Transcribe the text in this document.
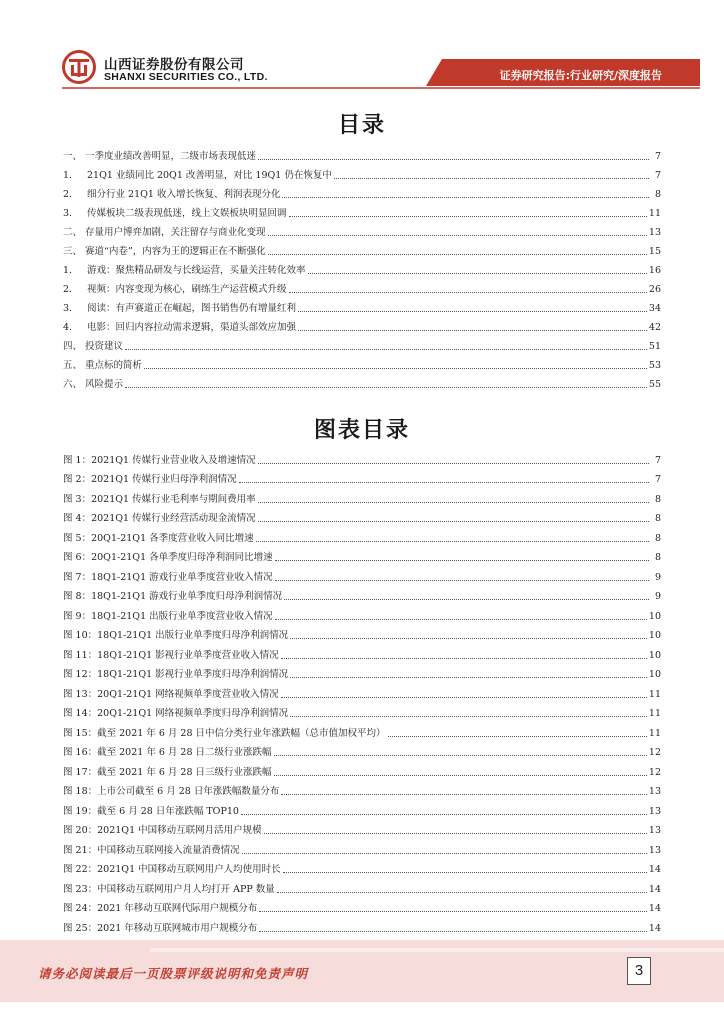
山西证券股份有限公司
SHANXI SECURITIES CO., LTD.	证券研究报告:行业研究/深度报告
目录
一、 一季度业绩改善明显，二级市场表现低迷	7
1.	21Q1 业绩同比 20Q1 改善明显，对比 19Q1 仍在恢复中	7
2.	细分行业 21Q1 收入增长恢复、利润表现分化	8
3.	传媒板块二级表现低迷，线上文娱板块明显回调	11
二、 存量用户博弈加剧，关注留存与商业化变现	13
三、 赛道“内卷”，内容为王的逻辑正在不断强化	15
1.	游戏：聚焦精品研发与长线运营，买量关注转化效率	16
2.	视频：内容变现为核心，刷练生产运营模式升级	26
3.	阅读：有声赛道正在崛起，图书销售仍有增量红利	34
4.	电影：回归内容拉动需求逻辑，渠道头部效应加强	42
四、 投资建议	51
五、 重点标的简析	53
六、 风险提示	55
图表目录
图 1： 2021Q1 传媒行业营业收入及增速情况	7
图 2： 2021Q1 传媒行业归母净利润情况	7
图 3： 2021Q1 传媒行业毛利率与期间费用率	8
图 4： 2021Q1 传媒行业经营活动现金流情况	8
图 5： 20Q1-21Q1 各季度营业收入同比增速	8
图 6： 20Q1-21Q1 各单季度归母净利润同比增速	8
图 7： 18Q1-21Q1 游戏行业单季度营业收入情况	9
图 8： 18Q1-21Q1 游戏行业单季度归母净利润情况	9
图 9： 18Q1-21Q1 出版行业单季度营业收入情况	10
图 10： 18Q1-21Q1 出版行业单季度归母净利润情况	10
图 11： 18Q1-21Q1 影视行业单季度营业收入情况	10
图 12： 18Q1-21Q1 影视行业单季度归母净利润情况	10
图 13： 20Q1-21Q1 网络视频单季度营业收入情况	11
图 14： 20Q1-21Q1 网络视频单季度归母净利润情况	11
图 15： 截至 2021 年 6 月 28 日中信分类行业年涨跌幅（总市值加权平均）	11
图 16： 截至 2021 年 6 月 28 日二级行业涨跌幅	12
图 17： 截至 2021 年 6 月 28 日三级行业涨跌幅	12
图 18： 上市公司截至 6 月 28 日年涨跌幅数量分布	13
图 19： 截至 6 月 28 日年涨跌幅 TOP10	13
图 20： 2021Q1 中国移动互联网月活用户规模	13
图 21： 中国移动互联网接入流量消费情况	13
图 22： 2021Q1 中国移动互联网用户人均使用时长	14
图 23： 中国移动互联网用户月人均打开 APP 数量	14
图 24： 2021 年移动互联网代际用户规模分布	14
图 25： 2021 年移动互联网城市用户规模分布	14
请务必阅读最后一页股票评级说明和免责声明	3
